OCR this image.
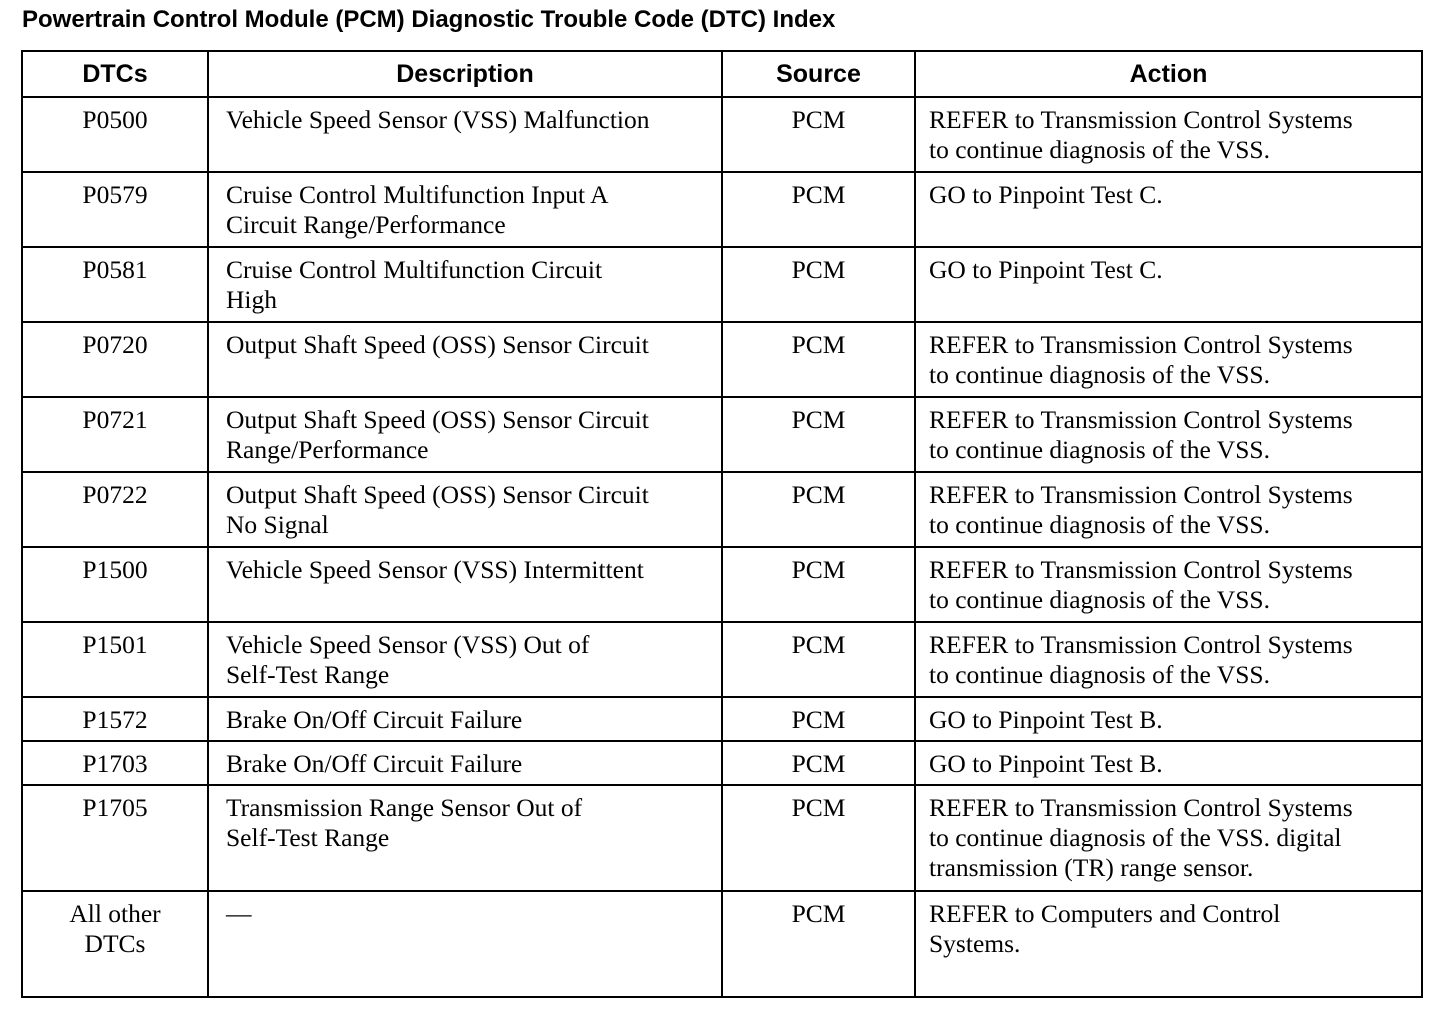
Powertrain Control Module (PCM) Diagnostic Trouble Code (DTC) Index
DTCs	Description	Source	Action

P0500	Vehicle Speed Sensor (VSS) Malfunction	PCM	REFER to Transmission Control Systems
to continue diagnosis of the VSS.

P0579	Cruise Control Multifunction Input A
Circuit Range/Performance	PCM	GO to Pinpoint Test C.

P0581	Cruise Control Multifunction Circuit
High	PCM	GO to Pinpoint Test C.

P0720	Output Shaft Speed (OSS) Sensor Circuit	PCM	REFER to Transmission Control Systems
to continue diagnosis of the VSS.

P0721	Output Shaft Speed (OSS) Sensor Circuit
Range/Performance	PCM	REFER to Transmission Control Systems
to continue diagnosis of the VSS.

P0722	Output Shaft Speed (OSS) Sensor Circuit
No Signal	PCM	REFER to Transmission Control Systems
to continue diagnosis of the VSS.

P1500	Vehicle Speed Sensor (VSS) Intermittent	PCM	REFER to Transmission Control Systems
to continue diagnosis of the VSS.

P1501	Vehicle Speed Sensor (VSS) Out of
Self-Test Range	PCM	REFER to Transmission Control Systems
to continue diagnosis of the VSS.

P1572	Brake On/Off Circuit Failure	PCM	GO to Pinpoint Test B.

P1703	Brake On/Off Circuit Failure	PCM	GO to Pinpoint Test B.

P1705	Transmission Range Sensor Out of
Self-Test Range	PCM	REFER to Transmission Control Systems
to continue diagnosis of the VSS. digital
transmission (TR) range sensor.

All other
DTCs	—	PCM	REFER to Computers and Control
Systems.
